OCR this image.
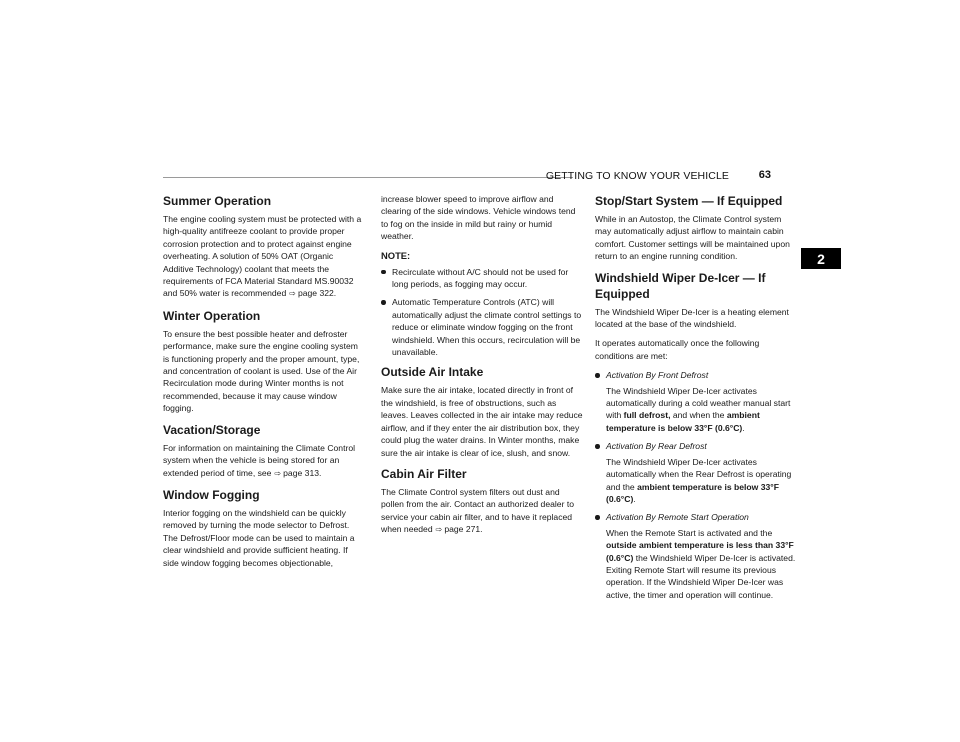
GETTING TO KNOW YOUR VEHICLE	63
2
Summer Operation

The engine cooling system must be protected with a high-quality antifreeze coolant to provide proper corrosion protection and to protect against engine overheating. A solution of 50% OAT (Organic Additive Technology) coolant that meets the requirements of FCA Material Standard MS.90032 and 50% water is recommended ⇨ page 322.

Winter Operation

To ensure the best possible heater and defroster performance, make sure the engine cooling system is functioning properly and the proper amount, type, and concentration of coolant is used. Use of the Air Recirculation mode during Winter months is not recommended, because it may cause window fogging.

Vacation/Storage

For information on maintaining the Climate Control system when the vehicle is being stored for an extended period of time, see ⇨ page 313.

Window Fogging

Interior fogging on the windshield can be quickly removed by turning the mode selector to Defrost. The Defrost/Floor mode can be used to maintain a clear windshield and provide sufficient heating. If side window fogging becomes objectionable,

increase blower speed to improve airflow and clearing of the side windows. Vehicle windows tend to fog on the inside in mild but rainy or humid weather.

NOTE:
Recirculate without A/C should not be used for long periods, as fogging may occur.
Automatic Temperature Controls (ATC) will automatically adjust the climate control settings to reduce or eliminate window fogging on the front windshield. When this occurs, recirculation will be unavailable.
Outside Air Intake

Make sure the air intake, located directly in front of the windshield, is free of obstructions, such as leaves. Leaves collected in the air intake may reduce airflow, and if they enter the air distribution box, they could plug the water drains. In Winter months, make sure the air intake is clear of ice, slush, and snow.

Cabin Air Filter

The Climate Control system filters out dust and pollen from the air. Contact an authorized dealer to service your cabin air filter, and to have it replaced when needed ⇨ page 271.

Stop/Start System — If Equipped

While in an Autostop, the Climate Control system may automatically adjust airflow to maintain cabin comfort. Customer settings will be maintained upon return to an engine running condition.

Windshield Wiper De-Icer — If Equipped

The Windshield Wiper De-Icer is a heating element located at the base of the windshield.

It operates automatically once the following conditions are met:

Activation By Front Defrost
The Windshield Wiper De-Icer activates automatically during a cold weather manual start with full defrost, and when the ambient temperature is below 33°F (0.6°C).
Activation By Rear Defrost
The Windshield Wiper De-Icer activates automatically when the Rear Defrost is operating and the ambient temperature is below 33°F (0.6°C).
Activation By Remote Start Operation
When the Remote Start is activated and the outside ambient temperature is less than 33°F (0.6°C) the Windshield Wiper De-Icer is activated. Exiting Remote Start will resume its previous operation. If the Windshield Wiper De-Icer was active, the timer and operation will continue.
